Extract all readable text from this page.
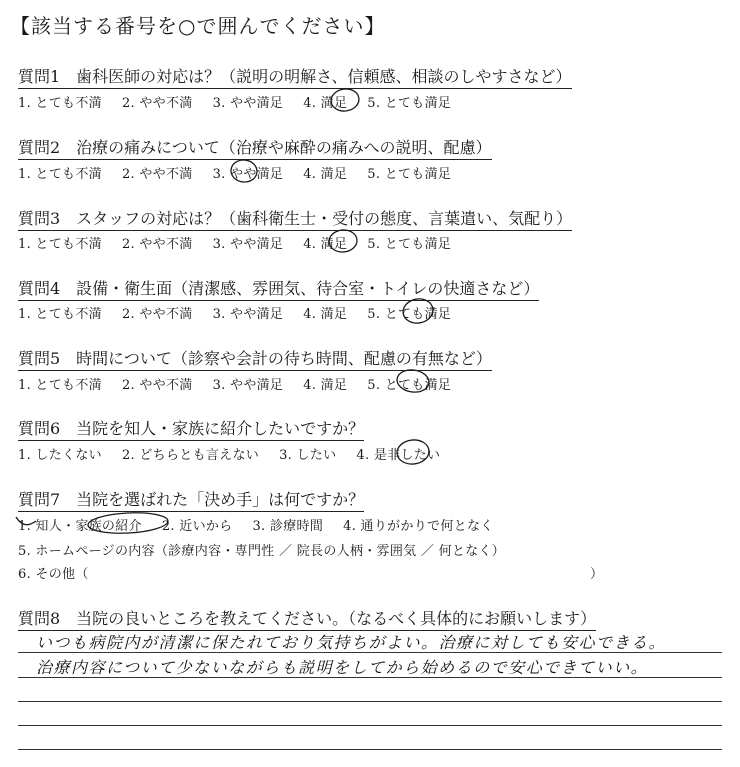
【該当する番号を○で囲んでください】
質問1　歯科医師の対応は？（説明の明解さ、信頼感、相談のしやすさなど）
1. とても不満 2. やや不満 3. やや満足 4. 満足 5. とても満足
質問2　治療の痛みについて（治療や麻酔の痛みへの説明、配慮）
1. とても不満 2. やや不満 3. やや満足 4. 満足 5. とても満足
質問3　スタッフの対応は？（歯科衛生士・受付の態度、言葉遣い、気配り）
1. とても不満 2. やや不満 3. やや満足 4. 満足 5. とても満足
質問4　設備・衛生面（清潔感、雰囲気、待合室・トイレの快適さなど）
1. とても不満 2. やや不満 3. やや満足 4. 満足 5. とても満足
質問5　時間について（診察や会計の待ち時間、配慮の有無など）
1. とても不満 2. やや不満 3. やや満足 4. 満足 5. とても満足
質問6　当院を知人・家族に紹介したいですか？
1. したくない 2. どちらとも言えない 3. したい 4. 是非したい
質問7　当院を選ばれた「決め手」は何ですか？
1. 知人・家族の紹介 2. 近いから 3. 診療時間 4. 通りがかりで何となく
5. ホームページの内容（診療内容・専門性 ／ 院長の人柄・雰囲気 ／ 何となく）
6. その他（	）
質問8　当院の良いところを教えてください。（なるべく具体的にお願いします）
いつも病院内が清潔に保たれており気持ちがよい。治療に対しても安心できる。
治療内容について少ないながらも説明をしてから始めるので安心できていい。
